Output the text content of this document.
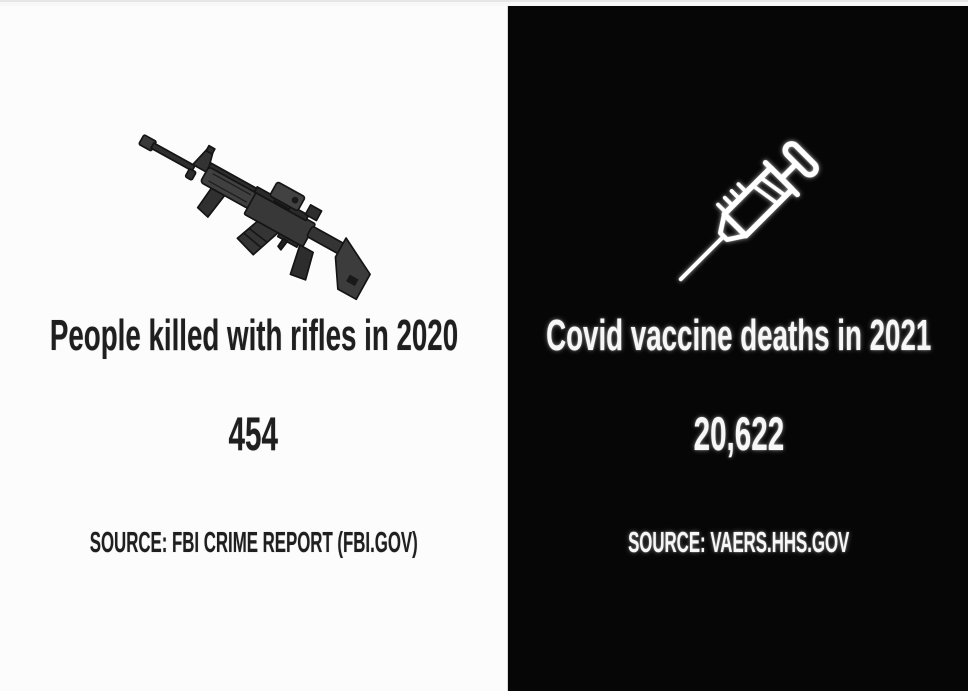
People killed with rifles in 2020
454
SOURCE: FBI CRIME REPORT (FBI.GOV)
Covid vaccine deaths in 2021
20,622
SOURCE: VAERS.HHS.GOV
